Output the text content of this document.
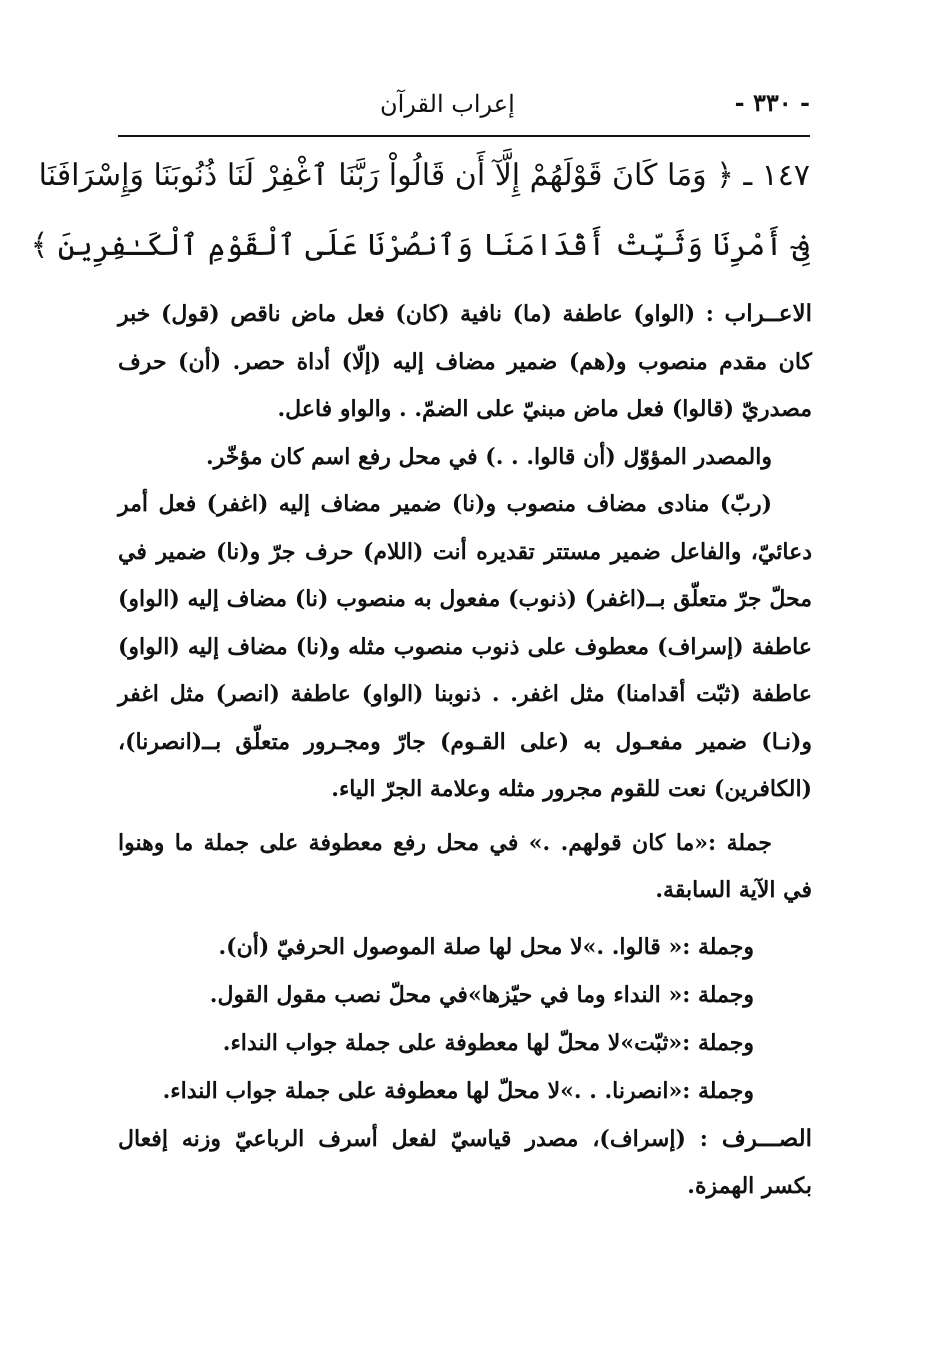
- ٣٣٠ -
إعراب القرآن
١٤٧ ـ ﴿ وَمَا كَانَ قَوْلَهُمْ إِلَّآ أَن قَالُواْ رَبَّنَا ٱغْفِرْ لَنَا ذُنُوبَنَا وَإِسْرَافَنَا
فِىٓ أَمْرِنَا وَثَبِّتْ أَقْدَامَنَا وَٱنصُرْنَا عَلَى ٱلْقَوْمِ ٱلْكَـٰفِرِينَ ﴾

الاعــراب : (الواو) عاطفة (ما) نافية (كان) فعل ماض ناقص (قول) خبر كان مقدم منصوب و(هم) ضمير مضاف إليه (إلّا) أداة حصر. (أن) حرف مصدريّ (قالوا) فعل ماض مبنيّ على الضمّ. . والواو فاعل.

والمصدر المؤوّل (أن قالوا. . .) في محل رفع اسم كان مؤخّر.

(ربّ) منادى مضاف منصوب و(نا) ضمير مضاف إليه (اغفر) فعل أمر دعائيّ، والفاعل ضمير مستتر تقديره أنت (اللام) حرف جرّ و(نا) ضمير في محلّ جرّ متعلّق بــ(اغفر) (ذنوب) مفعول به منصوب (نا) مضاف إليه (الواو) عاطفة (إسراف) معطوف على ذنوب منصوب مثله و(نا) مضاف إليه (الواو) عاطفة (ثبّت أقدامنا) مثل اغفر. . ذنوبنا (الواو) عاطفة (انصر) مثل اغفر و(نـا) ضمير مفعـول به (على القـوم) جارّ ومجـرور متعلّق بــ(انصرنا)، (الكافرين) نعت للقوم مجرور مثله وعلامة الجرّ الياء.

جملة :«ما كان قولهم. .» في محل رفع معطوفة على جملة ما وهنوا في الآية السابقة.

وجملة :« قالوا. .»لا محل لها صلة الموصول الحرفيّ (أن).

وجملة :« النداء وما في حيّزها»في محلّ نصب مقول القول.

وجملة :«ثبّت»لا محلّ لها معطوفة على جملة جواب النداء.

وجملة :«انصرنا. . .»لا محلّ لها معطوفة على جملة جواب النداء.

الصـــرف : (إسراف)، مصدر قياسيّ لفعل أسرف الرباعيّ وزنه إفعال بكسر الهمزة.
